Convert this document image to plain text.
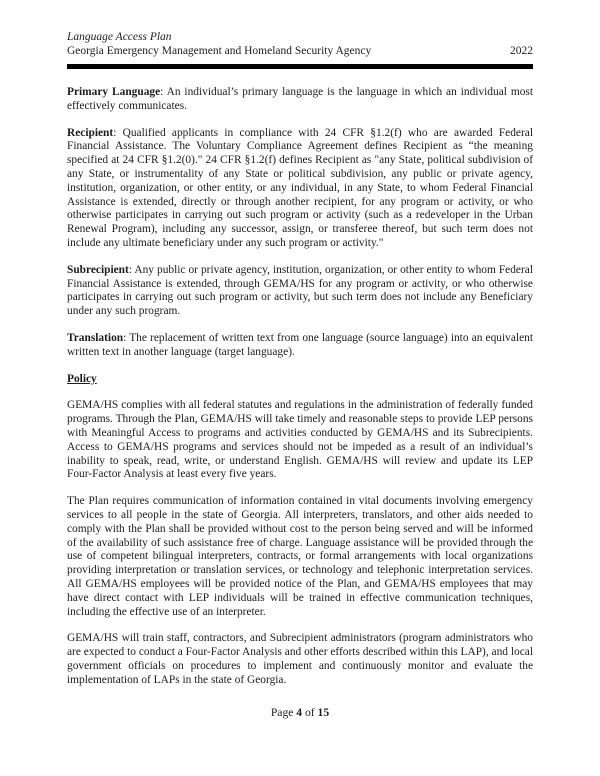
Language Access Plan
Georgia Emergency Management and Homeland Security Agency	2022

Primary Language: An individual’s primary language is the language in which an individual most effectively communicates.

Recipient: Qualified applicants in compliance with 24 CFR §1.2(f) who are awarded Federal Financial Assistance. The Voluntary Compliance Agreement defines Recipient as “the meaning specified at 24 CFR §1.2(0)." 24 CFR §1.2(f) defines Recipient as "any State, political subdivision of any State, or instrumentality of any State or political subdivision, any public or private agency, institution, organization, or other entity, or any individual, in any State, to whom Federal Financial Assistance is extended, directly or through another recipient, for any program or activity, or who otherwise participates in carrying out such program or activity (such as a redeveloper in the Urban Renewal Program), including any successor, assign, or transferee thereof, but such term does not include any ultimate beneficiary under any such program or activity."

Subrecipient: Any public or private agency, institution, organization, or other entity to whom Federal Financial Assistance is extended, through GEMA/HS for any program or activity, or who otherwise participates in carrying out such program or activity, but such term does not include any Beneficiary under any such program.

Translation: The replacement of written text from one language (source language) into an equivalent written text in another language (target language).

Policy

GEMA/HS complies with all federal statutes and regulations in the administration of federally funded programs. Through the Plan, GEMA/HS will take timely and reasonable steps to provide LEP persons with Meaningful Access to programs and activities conducted by GEMA/HS and its Subrecipients. Access to GEMA/HS programs and services should not be impeded as a result of an individual’s inability to speak, read, write, or understand English. GEMA/HS will review and update its LEP Four-Factor Analysis at least every five years.

The Plan requires communication of information contained in vital documents involving emergency services to all people in the state of Georgia. All interpreters, translators, and other aids needed to comply with the Plan shall be provided without cost to the person being served and will be informed of the availability of such assistance free of charge. Language assistance will be provided through the use of competent bilingual interpreters, contracts, or formal arrangements with local organizations providing interpretation or translation services, or technology and telephonic interpretation services. All GEMA/HS employees will be provided notice of the Plan, and GEMA/HS employees that may have direct contact with LEP individuals will be trained in effective communication techniques, including the effective use of an interpreter.

GEMA/HS will train staff, contractors, and Subrecipient administrators (program administrators who are expected to conduct a Four-Factor Analysis and other efforts described within this LAP), and local government officials on procedures to implement and continuously monitor and evaluate the implementation of LAPs in the state of Georgia.

Page 4 of 15
